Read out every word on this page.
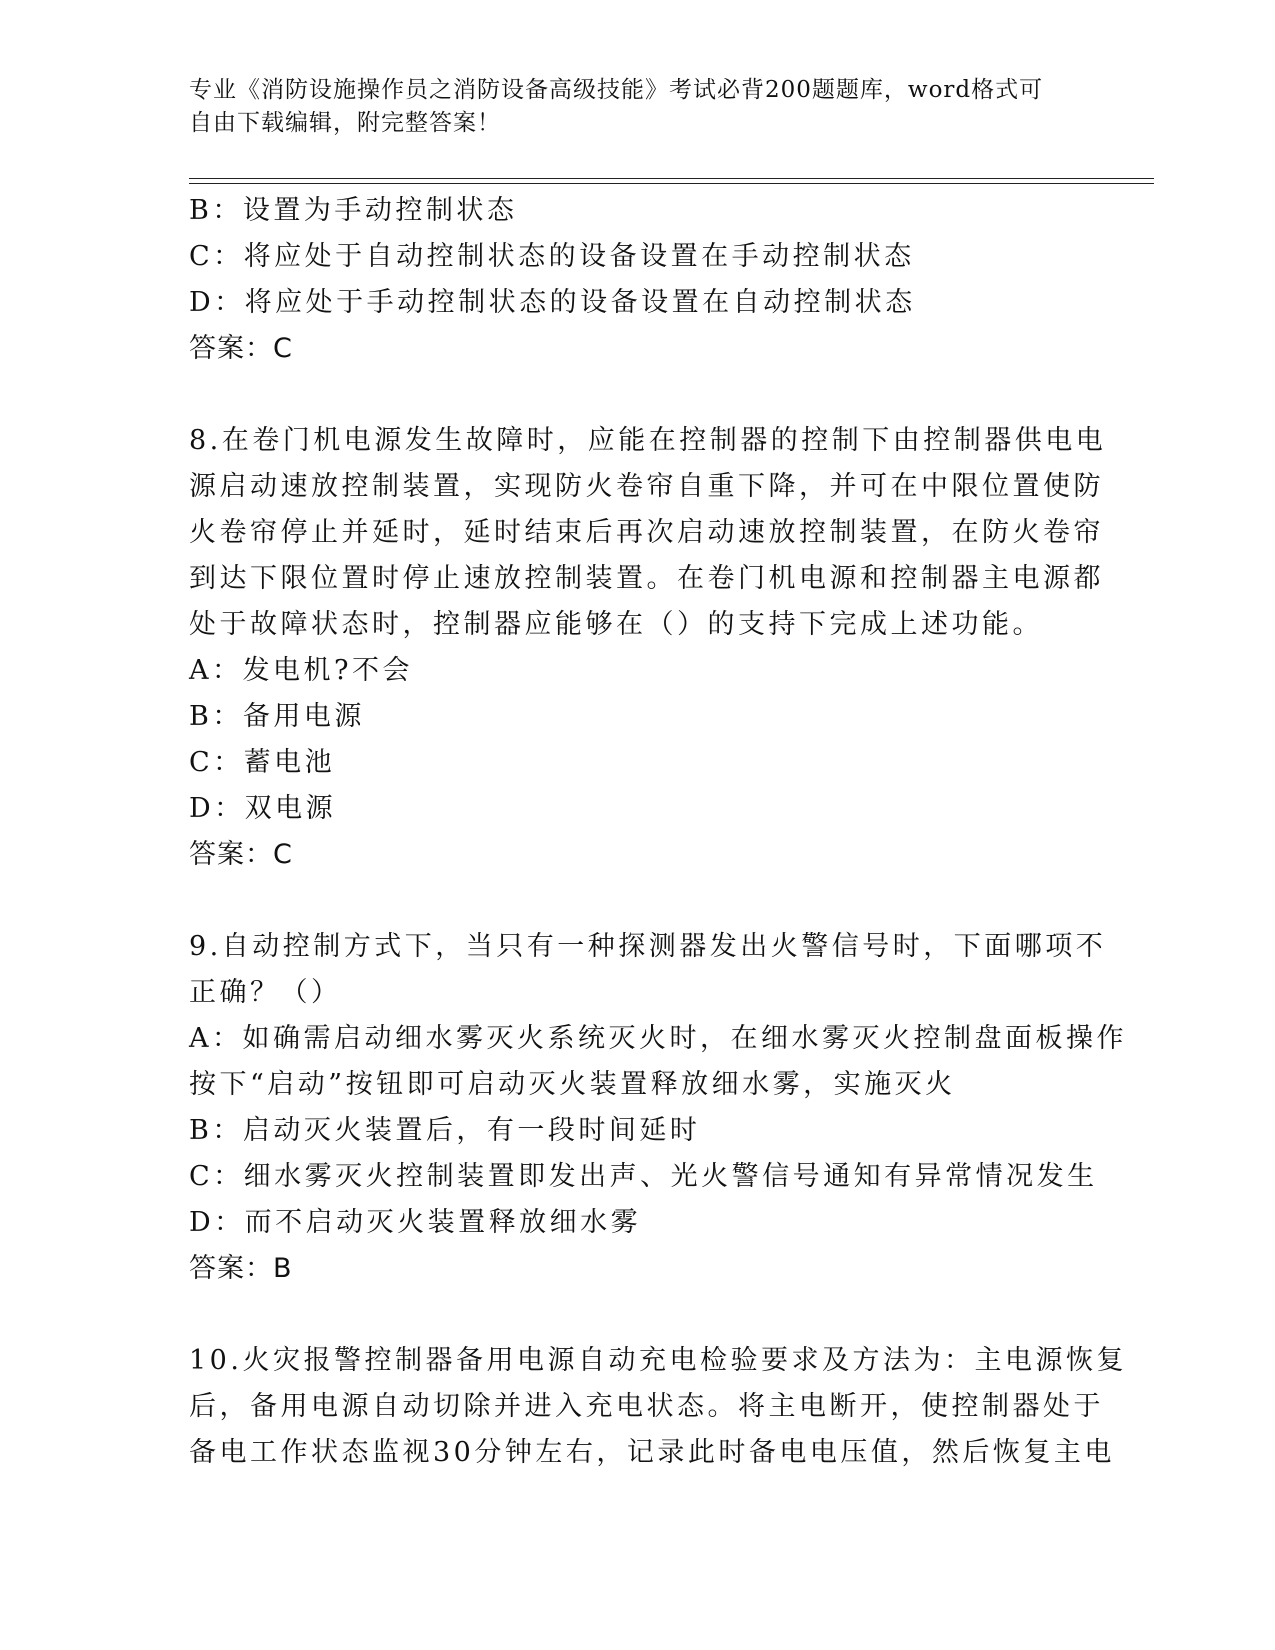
专业《消防设施操作员之消防设备高级技能》考试必背200题题库，word格式可
自由下载编辑，附完整答案！
B：设置为手动控制状态
C：将应处于自动控制状态的设备设置在手动控制状态
D：将应处于手动控制状态的设备设置在自动控制状态
答案：C
8.在卷门机电源发生故障时，应能在控制器的控制下由控制器供电电
源启动速放控制装置，实现防火卷帘自重下降，并可在中限位置使防
火卷帘停止并延时，延时结束后再次启动速放控制装置，在防火卷帘
到达下限位置时停止速放控制装置。在卷门机电源和控制器主电源都
处于故障状态时，控制器应能够在（）的支持下完成上述功能。
A：发电机?不会
B：备用电源
C：蓄电池
D：双电源
答案：C
9.自动控制方式下，当只有一种探测器发出火警信号时，下面哪项不
正确？（）
A：如确需启动细水雾灭火系统灭火时，在细水雾灭火控制盘面板操作
按下“启动”按钮即可启动灭火装置释放细水雾，实施灭火
B：启动灭火装置后，有一段时间延时
C：细水雾灭火控制装置即发出声、光火警信号通知有异常情况发生
D：而不启动灭火装置释放细水雾
答案：B
10.火灾报警控制器备用电源自动充电检验要求及方法为：主电源恢复
后，备用电源自动切除并进入充电状态。将主电断开，使控制器处于
备电工作状态监视30分钟左右，记录此时备电电压值，然后恢复主电
